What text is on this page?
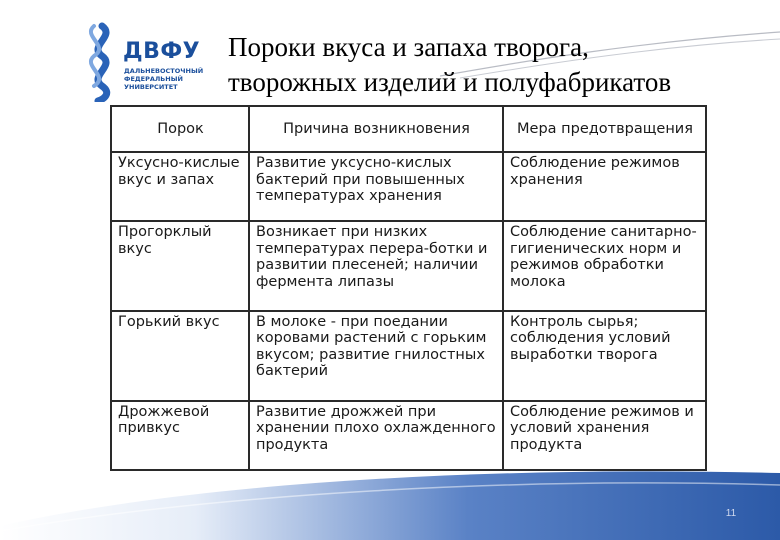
ДВФУ
ДАЛЬНЕВОСТОЧНЫЙ
ФЕДЕРАЛЬНЫЙ
УНИВЕРСИТЕТ
Пороки вкуса и запаха творога,
творожных изделий и полуфабрикатов
Порок	Причина возникновения	Мера предотвращения
Уксусно-кислые вкус и запах	Развитие уксусно-кислых бактерий при повышенных температурах хранения	Соблюдение режимов хранения
Прогорклый вкус	Возникает при низких температурах перера-ботки и развитии плесеней; наличии фермента липазы	Соблюдение санитарно-гигиенических норм и режимов обработки молока
Горький вкус	В молоке - при поедании коровами растений с горьким вкусом; развитие гнилостных бактерий	Контроль сырья; соблюдения условий выработки творога
Дрожжевой привкус	Развитие дрожжей при хранении плохо охлажденного продукта	Соблюдение режимов и условий хранения продукта
11
